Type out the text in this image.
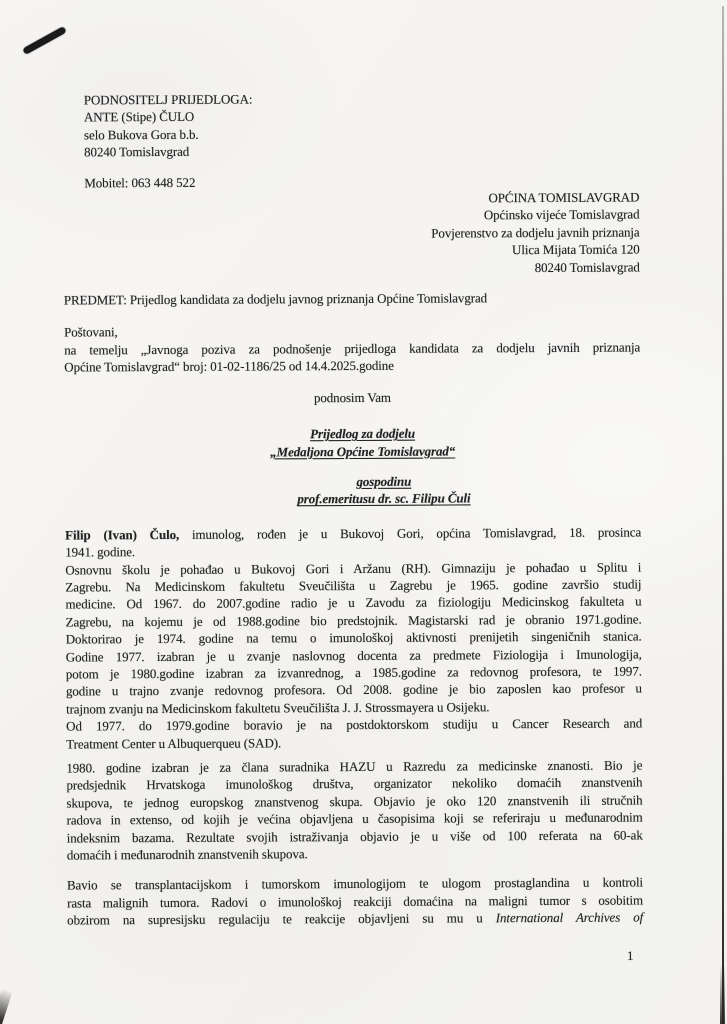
PODNOSITELJ PRIJEDLOGA:
ANTE (Stipe) ČULO
selo Bukova Gora b.b.
80240 Tomislavgrad
Mobitel: 063 448 522
OPĆINA TOMISLAVGRAD
Općinsko vijeće Tomislavgrad
Povjerenstvo za dodjelu javnih priznanja
Ulica Mijata Tomića 120
80240 Tomislavgrad
PREDMET: Prijedlog kandidata za dodjelu javnog priznanja Općine Tomislavgrad
Poštovani,
na temelju „Javnoga poziva za podnošenje prijedloga kandidata za dodjelu javnih priznanja
Općine Tomislavgrad“ broj: 01-02-1186/25 od 14.4.2025.godine
podnosim Vam
Prijedlog za dodjelu
„Medaljona Općine Tomislavgrad“
gospodinu
prof.emeritusu dr. sc. Filipu Čuli
Filip (Ivan) Čulo, imunolog, rođen je u Bukovoj Gori, općina Tomislavgrad, 18. prosinca
1941. godine.
Osnovnu školu je pohađao u Bukovoj Gori i Aržanu (RH). Gimnaziju je pohađao u Splitu i
Zagrebu. Na Medicinskom fakultetu Sveučilišta u Zagrebu je 1965. godine završio studij
medicine. Od 1967. do 2007.godine radio je u Zavodu za fiziologiju Medicinskog fakulteta u
Zagrebu, na kojemu je od 1988.godine bio predstojnik. Magistarski rad je obranio 1971.godine.
Doktorirao je 1974. godine na temu o imunološkoj aktivnosti prenijetih singeničnih stanica.
Godine 1977. izabran je u zvanje naslovnog docenta za predmete Fiziologija i Imunologija,
potom je 1980.godine izabran za izvanrednog, a 1985.godine za redovnog profesora, te 1997.
godine u trajno zvanje redovnog profesora. Od 2008. godine je bio zaposlen kao profesor u
trajnom zvanju na Medicinskom fakultetu Sveučilišta J. J. Strossmayera u Osijeku.
Od 1977. do 1979.godine boravio je na postdoktorskom studiju u Cancer Research and
Treatment Center u Albuquerqueu (SAD).
1980. godine izabran je za člana suradnika HAZU u Razredu za medicinske znanosti. Bio je
predsjednik Hrvatskoga imunološkog društva, organizator nekoliko domaćih znanstvenih
skupova, te jednog europskog znanstvenog skupa. Objavio je oko 120 znanstvenih ili stručnih
radova in extenso, od kojih je većina objavljena u časopisima koji se referiraju u međunarodnim
indeksnim bazama. Rezultate svojih istraživanja objavio je u više od 100 referata na 60-ak
domaćih i međunarodnih znanstvenih skupova.
Bavio se transplantacijskom i tumorskom imunologijom te ulogom prostaglandina u kontroli
rasta malignih tumora. Radovi o imunološkoj reakciji domaćina na maligni tumor s osobitim
obzirom na supresijsku regulaciju te reakcije objavljeni su mu u International Archives of
1
